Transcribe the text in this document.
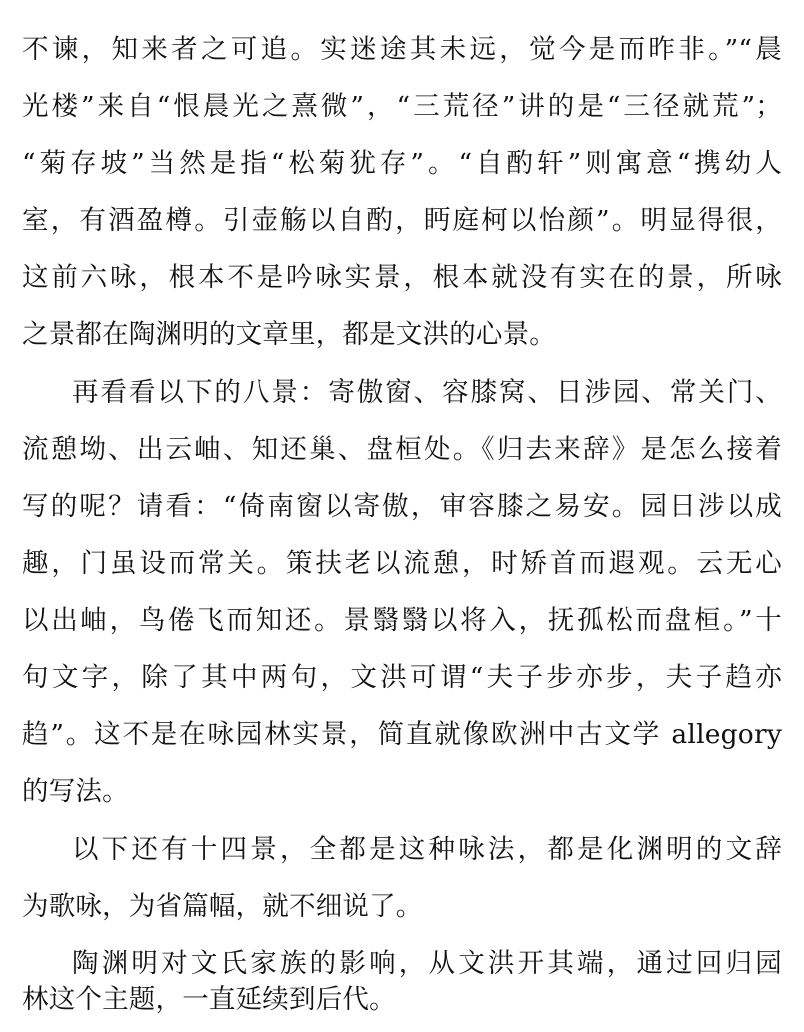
不谏，知来者之可追。实迷途其未远，觉今是而昨非。”“晨
光楼”来自“恨晨光之熹微”，“三荒径”讲的是“三径就荒”；
“菊存坡”当然是指“松菊犹存”。“自酌轩”则寓意“携幼人
室，有酒盈樽。引壶觞以自酌，眄庭柯以怡颜”。明显得很，
这前六咏，根本不是吟咏实景，根本就没有实在的景，所咏
之景都在陶渊明的文章里，都是文洪的心景。
再看看以下的八景：寄傲窗、容膝窝、日涉园、常关门、
流憩坳、出云岫、知还巢、盘桓处。《归去来辞》是怎么接着
写的呢？请看：“倚南窗以寄傲，审容膝之易安。园日涉以成
趣，门虽设而常关。策扶老以流憩，时矫首而遐观。云无心
以出岫，鸟倦飞而知还。景翳翳以将入，抚孤松而盘桓。”十
句文字，除了其中两句，文洪可谓“夫子步亦步，夫子趋亦
趋”。这不是在咏园林实景，简直就像欧洲中古文学 allegory
的写法。
以下还有十四景，全都是这种咏法，都是化渊明的文辞
为歌咏，为省篇幅，就不细说了。
陶渊明对文氏家族的影响，从文洪开其端，通过回归园
林这个主题，一直延续到后代。
